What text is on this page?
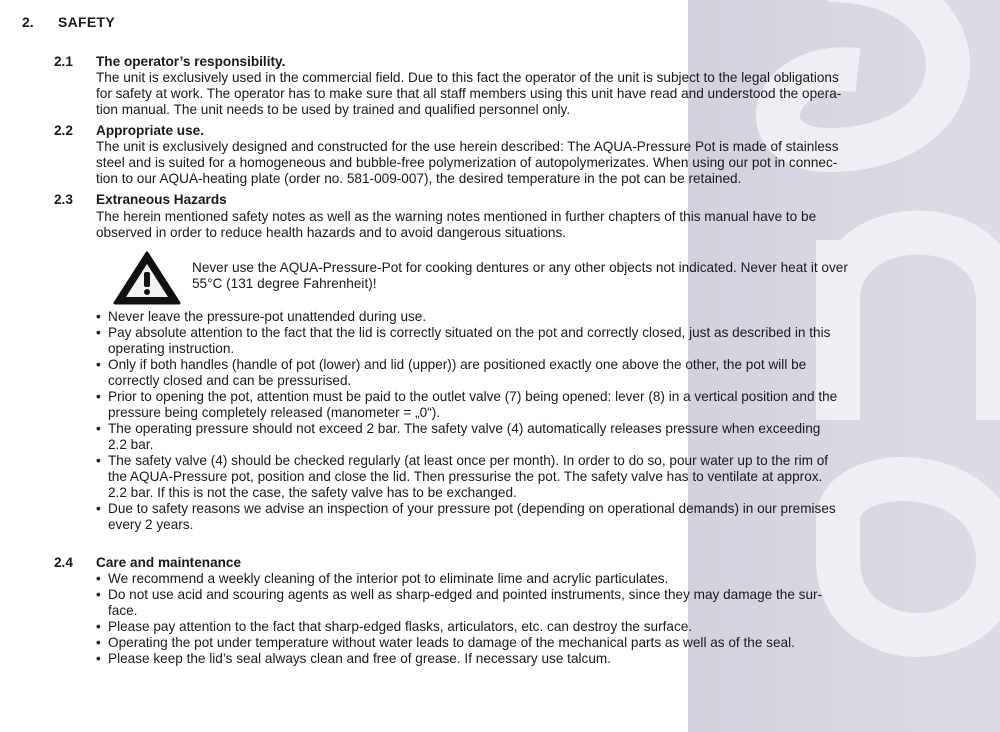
2. SAFETY
2.1 The operator’s responsibility.
The unit is exclusively used in the commercial field. Due to this fact the operator of the unit is subject to the legal obligations
for safety at work. The operator has to make sure that all staff members using this unit have read and understood the opera-
tion manual. The unit needs to be used by trained and qualified personnel only.
2.2 Appropriate use.
The unit is exclusively designed and constructed for the use herein described: The AQUA-Pressure Pot is made of stainless
steel and is suited for a homogeneous and bubble-free polymerization of autopolymerizates. When using our pot in connec-
tion to our AQUA-heating plate (order no. 581-009-007), the desired temperature in the pot can be retained.
2.3 Extraneous Hazards
The herein mentioned safety notes as well as the warning notes mentioned in further chapters of this manual have to be
observed in order to reduce health hazards and to avoid dangerous situations.
Never use the AQUA-Pressure-Pot for cooking dentures or any other objects not indicated. Never heat it over
55°C (131 degree Fahrenheit)!
• Never leave the pressure-pot unattended during use.
• Pay absolute attention to the fact that the lid is correctly situated on the pot and correctly closed, just as described in this
operating instruction.
• Only if both handles (handle of pot (lower) and lid (upper)) are positioned exactly one above the other, the pot will be
correctly closed and can be pressurised.
• Prior to opening the pot, attention must be paid to the outlet valve (7) being opened: lever (8) in a vertical position and the
pressure being completely released (manometer = „0“).
• The operating pressure should not exceed 2 bar. The safety valve (4) automatically releases pressure when exceeding
2.2 bar.
• The safety valve (4) should be checked regularly (at least once per month). In order to do so, pour water up to the rim of
the AQUA-Pressure pot, position and close the lid. Then pressurise the pot. The safety valve has to ventilate at approx.
2.2 bar. If this is not the case, the safety valve has to be exchanged.
• Due to safety reasons we advise an inspection of your pressure pot (depending on operational demands) in our premises
every 2 years.
2.4 Care and maintenance
• We recommend a weekly cleaning of the interior pot to eliminate lime and acrylic particulates.
• Do not use acid and scouring agents as well as sharp-edged and pointed instruments, since they may damage the sur-
face.
• Please pay attention to the fact that sharp-edged flasks, articulators, etc. can destroy the surface.
• Operating the pot under temperature without water leads to damage of the mechanical parts as well as of the seal.
• Please keep the lid’s seal always clean and free of grease. If necessary use talcum.
